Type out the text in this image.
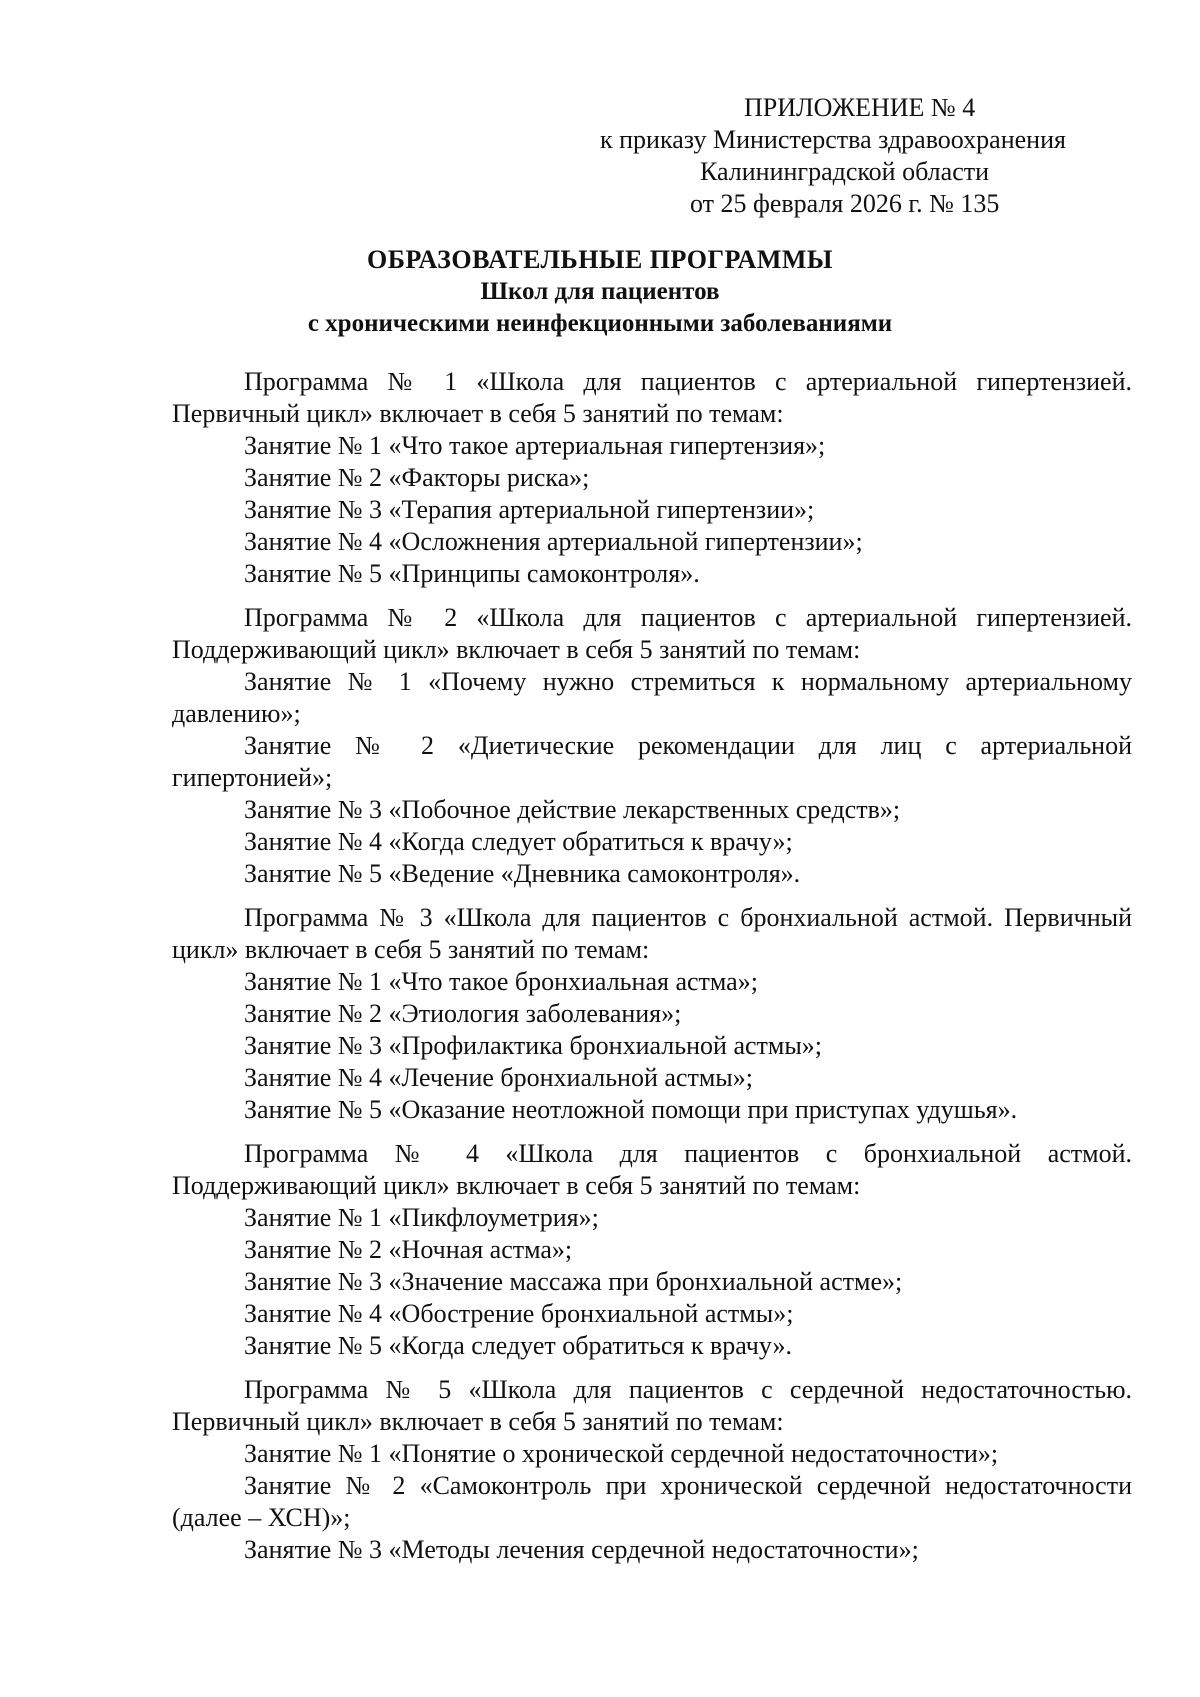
ПРИЛОЖЕНИЕ № 4
к приказу Министерства здравоохранения
Калининградской области
от 25 февраля 2026 г. № 135
ОБРАЗОВАТЕЛЬНЫЕ ПРОГРАММЫ
Школ для пациентов
с хроническими неинфекционными заболеваниями

Программа № 1 «Школа для пациентов с артериальной гипертензией. Первичный цикл» включает в себя 5 занятий по темам:

Занятие № 1 «Что такое артериальная гипертензия»;

Занятие № 2 «Факторы риска»;

Занятие № 3 «Терапия артериальной гипертензии»;

Занятие № 4 «Осложнения артериальной гипертензии»;

Занятие № 5 «Принципы самоконтроля».

Программа № 2 «Школа для пациентов с артериальной гипертензией. Поддерживающий цикл» включает в себя 5 занятий по темам:

Занятие № 1 «Почему нужно стремиться к нормальному артериальному давлению»;

Занятие № 2 «Диетические рекомендации для лиц с артериальной гипертонией»;

Занятие № 3 «Побочное действие лекарственных средств»;

Занятие № 4 «Когда следует обратиться к врачу»;

Занятие № 5 «Ведение «Дневника самоконтроля».

Программа № 3 «Школа для пациентов с бронхиальной астмой. Первичный цикл» включает в себя 5 занятий по темам:

Занятие № 1 «Что такое бронхиальная астма»;

Занятие № 2 «Этиология заболевания»;

Занятие № 3 «Профилактика бронхиальной астмы»;

Занятие № 4 «Лечение бронхиальной астмы»;

Занятие № 5 «Оказание неотложной помощи при приступах удушья».

Программа № 4 «Школа для пациентов с бронхиальной астмой. Поддерживающий цикл» включает в себя 5 занятий по темам:

Занятие № 1 «Пикфлоуметрия»;

Занятие № 2 «Ночная астма»;

Занятие № 3 «Значение массажа при бронхиальной астме»;

Занятие № 4 «Обострение бронхиальной астмы»;

Занятие № 5 «Когда следует обратиться к врачу».

Программа № 5 «Школа для пациентов с сердечной недостаточностью. Первичный цикл» включает в себя 5 занятий по темам:

Занятие № 1 «Понятие о хронической сердечной недостаточности»;

Занятие № 2 «Самоконтроль при хронической сердечной недостаточности (далее – ХСН)»;

Занятие № 3 «Методы лечения сердечной недостаточности»;
